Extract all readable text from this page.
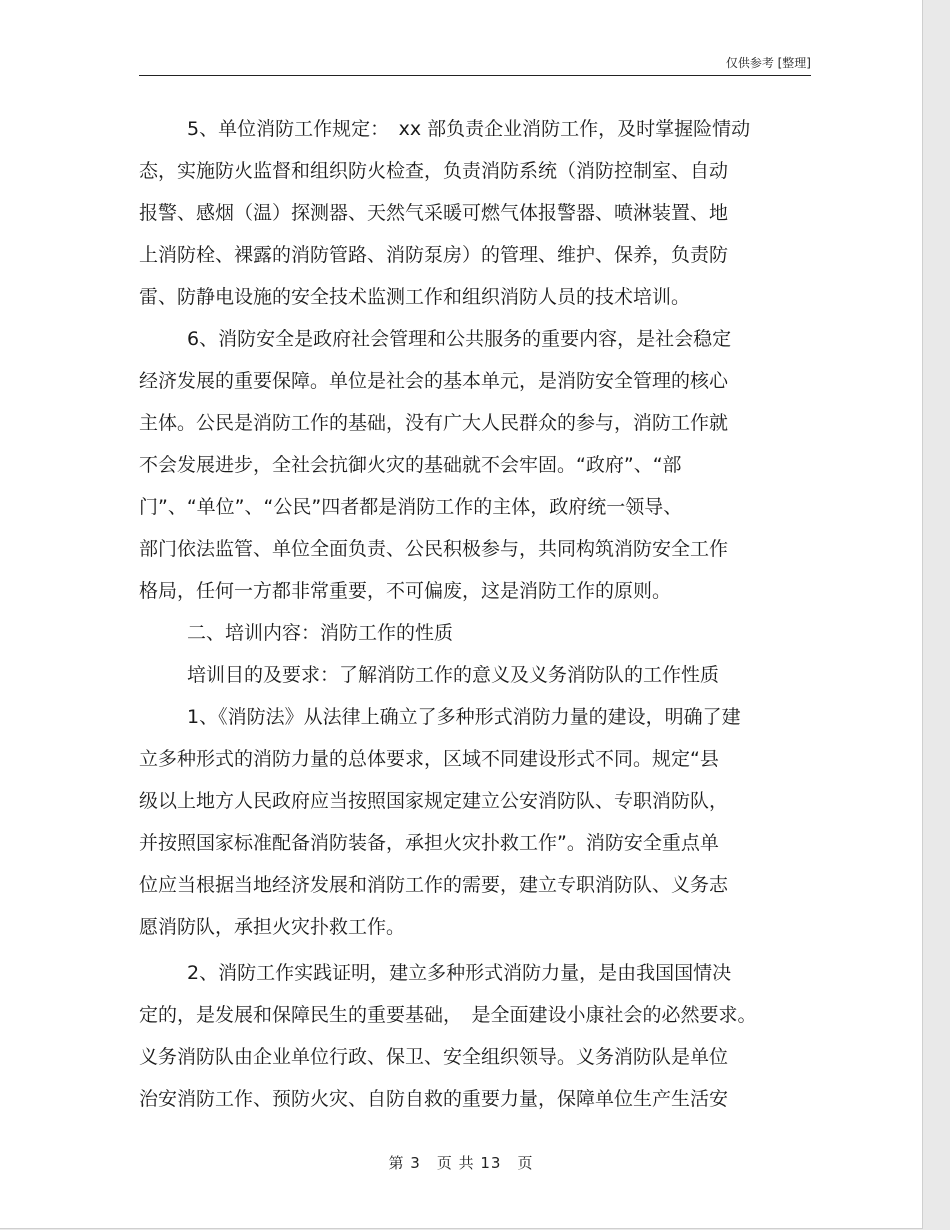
仅供参考 [整理]
5、单位消防工作规定：　xx 部负责企业消防工作，及时掌握险情动
态，实施防火监督和组织防火检查，负责消防系统（消防控制室、自动
报警、感烟（温）探测器、天然气采暖可燃气体报警器、喷淋装置、地
上消防栓、裸露的消防管路、消防泵房）的管理、维护、保养，负责防
雷、防静电设施的安全技术监测工作和组织消防人员的技术培训。
6、消防安全是政府社会管理和公共服务的重要内容，是社会稳定
经济发展的重要保障。单位是社会的基本单元，是消防安全管理的核心
主体。公民是消防工作的基础，没有广大人民群众的参与，消防工作就
不会发展进步，全社会抗御火灾的基础就不会牢固。“政府”、“部
门”、“单位”、“公民”四者都是消防工作的主体，政府统一领导、
部门依法监管、单位全面负责、公民积极参与，共同构筑消防安全工作
格局，任何一方都非常重要，不可偏废，这是消防工作的原则。
二、培训内容：消防工作的性质
培训目的及要求：了解消防工作的意义及义务消防队的工作性质
1、《消防法》从法律上确立了多种形式消防力量的建设，明确了建
立多种形式的消防力量的总体要求，区域不同建设形式不同。规定“县
级以上地方人民政府应当按照国家规定建立公安消防队、专职消防队，
并按照国家标准配备消防装备，承担火灾扑救工作”。消防安全重点单
位应当根据当地经济发展和消防工作的需要，建立专职消防队、义务志
愿消防队，承担火灾扑救工作。
2、消防工作实践证明，建立多种形式消防力量，是由我国国情决
定的，是发展和保障民生的重要基础，　是全面建设小康社会的必然要求。
义务消防队由企业单位行政、保卫、安全组织领导。义务消防队是单位
治安消防工作、预防火灾、自防自救的重要力量，保障单位生产生活安
第 3　页 共 13　页
